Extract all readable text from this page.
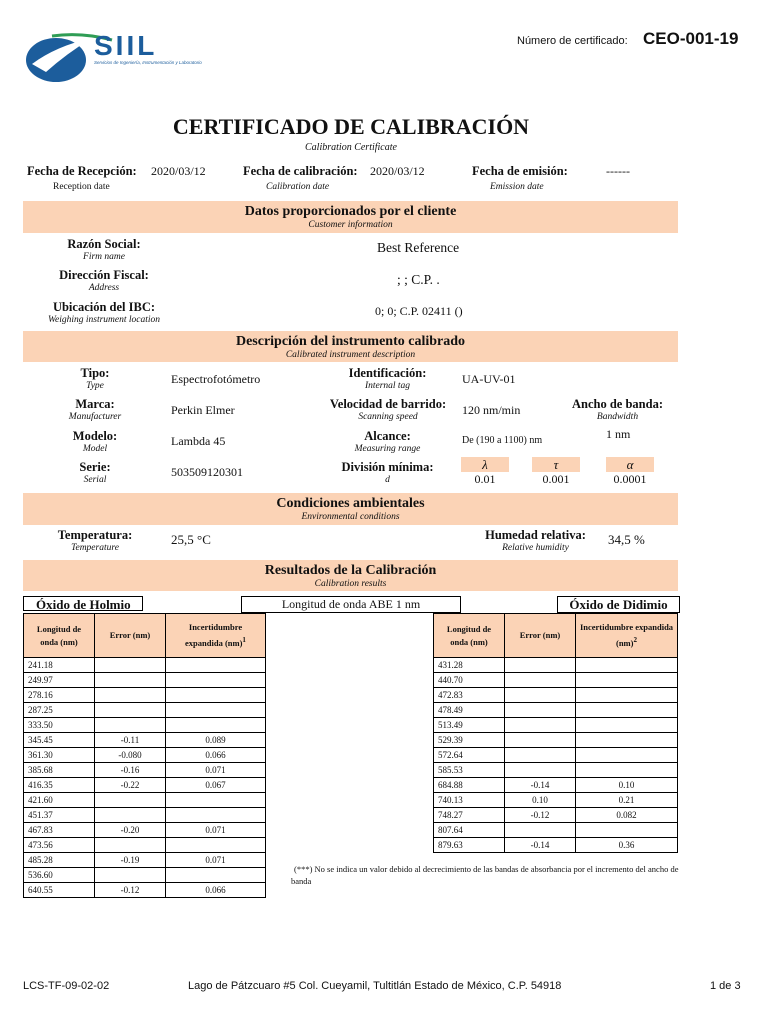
SIIL
Servicios de Ingeniería, Instrumentación y Laboratorio
Número de certificado: CEO-001-19
CERTIFICADO DE CALIBRACIÓN
Calibration Certificate
Fecha de Recepción: 2020/03/12
Reception date
Fecha de calibración: 2020/03/12
Calibration date
Fecha de emisión:	------
Emission date
Datos proporcionados por el cliente
Customer information
Razón Social:
Firm name
Best Reference
Dirección Fiscal:
Address
; ; C.P. .
Ubicación del IBC:
Weighing instrument location
0; 0; C.P. 02411 ()
Descripción del instrumento calibrado
Calibrated instrument description
Tipo:
Type	Espectrofotómetro
Marca:
Manufacturer	Perkin Elmer
Modelo:
Model
Lambda 45
Serie:
Serial
503509120301
Identificación:
Internal tag	UA-UV-01
Velocidad de barrido:
Scanning speed	120 nm/min
Alcance:
Measuring range
De (190 a 1100) nm
División mínima:
d
Ancho de banda:
Bandwidth
1 nm
λ	τ	α
0.01	0.001	0.0001
Condiciones ambientales
Environmental conditions
Temperatura:
Temperature
25,5 °C	Humedad relativa:
Relative humidity
34,5 %
Resultados de la Calibración
Calibration results
Óxido de Holmio	Longitud de onda ABE 1 nm	Óxido de Didimio
Longitud de onda (nm)	Error (nm)	Incertidumbre expandida (nm)$^1$
241.18		
249.97		
278.16		
287.25		
333.50		
345.45	-0.11	0.089
361.30	-0.080	0.066
385.68	-0.16	0.071
416.35	-0.22	0.067
421.60		
451.37		
467.83	-0.20	0.071
473.56		
485.28	-0.19	0.071
536.60		
640.55	-0.12	0.066
Longitud de onda (nm)	Error (nm)	Incertidumbre expandida (nm)$^2$
431.28		
440.70		
472.83		
478.49		
513.49		
529.39		
572.64		
585.53		
684.88	-0.14	0.10
740.13	0.10	0.21
748.27	-0.12	0.082
807.64		
879.63	-0.14	0.36
(***) No se indica un valor debido al decrecimiento de las bandas de absorbancia por el incremento del ancho de banda
LCS-TF-09-02-02	Lago de Pátzcuaro #5 Col. Cueyamil, Tultitlán Estado de México, C.P. 54918	1 de 3
